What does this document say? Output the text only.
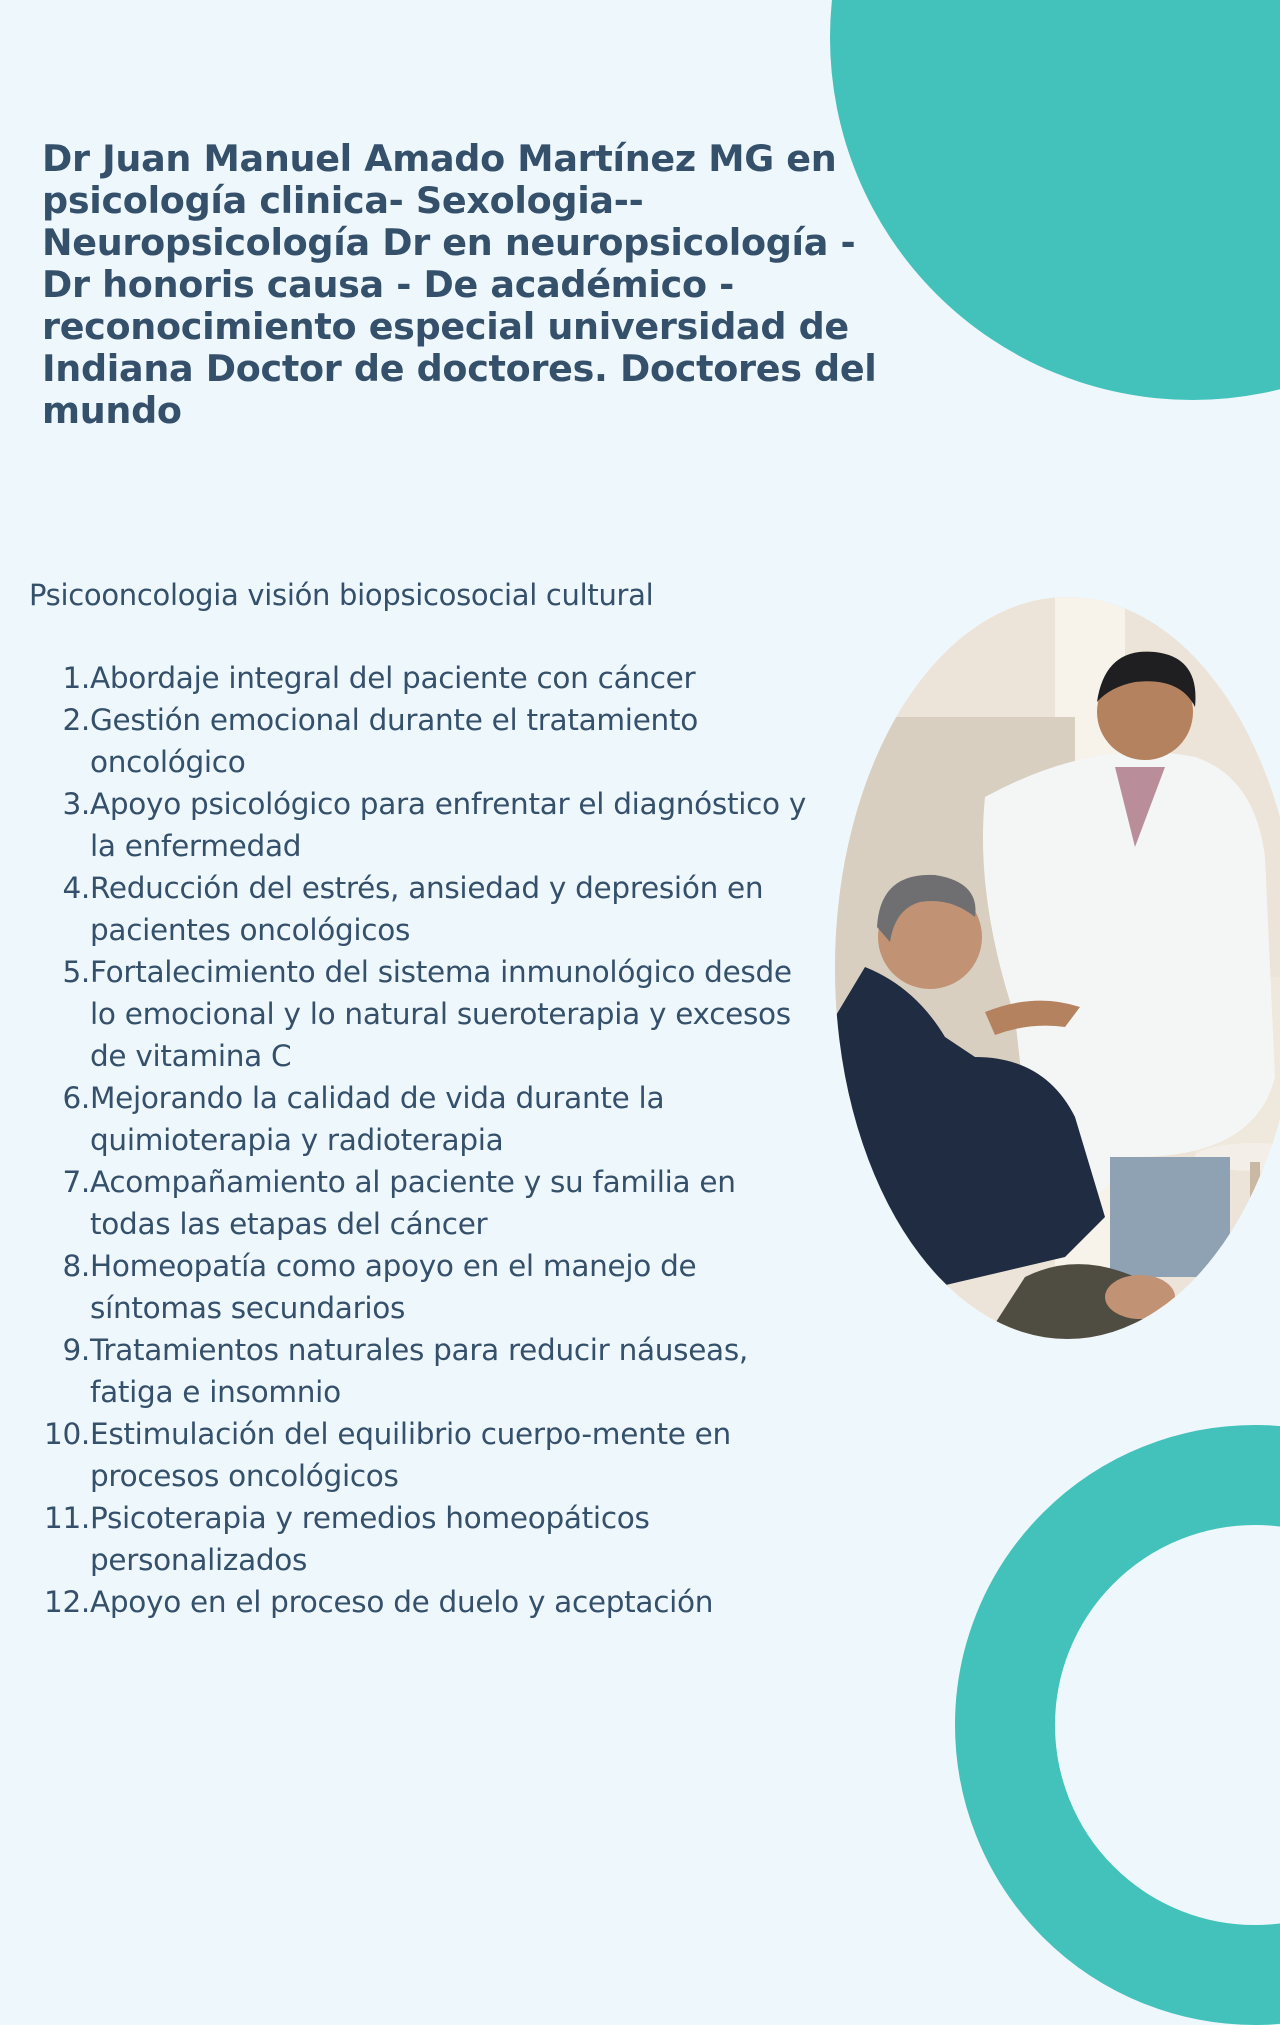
Dr Juan Manuel Amado Martínez MG en psicología clinica- Sexologia-- Neuropsicología Dr en neuropsicología - Dr honoris causa - De académico - reconocimiento especial universidad de Indiana Doctor de doctores. Doctores del mundo
Psicooncologia visión biopsicosocial cultural
1. Abordaje integral del paciente con cáncer
2. Gestión emocional durante el tratamiento oncológico
3. Apoyo psicológico para enfrentar el diagnóstico y la enfermedad
4. Reducción del estrés, ansiedad y depresión en pacientes oncológicos
5. Fortalecimiento del sistema inmunológico desde lo emocional y lo natural sueroterapia y excesos de vitamina C
6. Mejorando la calidad de vida durante la quimioterapia y radioterapia
7. Acompañamiento al paciente y su familia en todas las etapas del cáncer
8. Homeopatía como apoyo en el manejo de síntomas secundarios
9. Tratamientos naturales para reducir náuseas, fatiga e insomnio
10. Estimulación del equilibrio cuerpo-mente en procesos oncológicos
11. Psicoterapia y remedios homeopáticos personalizados
12. Apoyo en el proceso de duelo y aceptación
